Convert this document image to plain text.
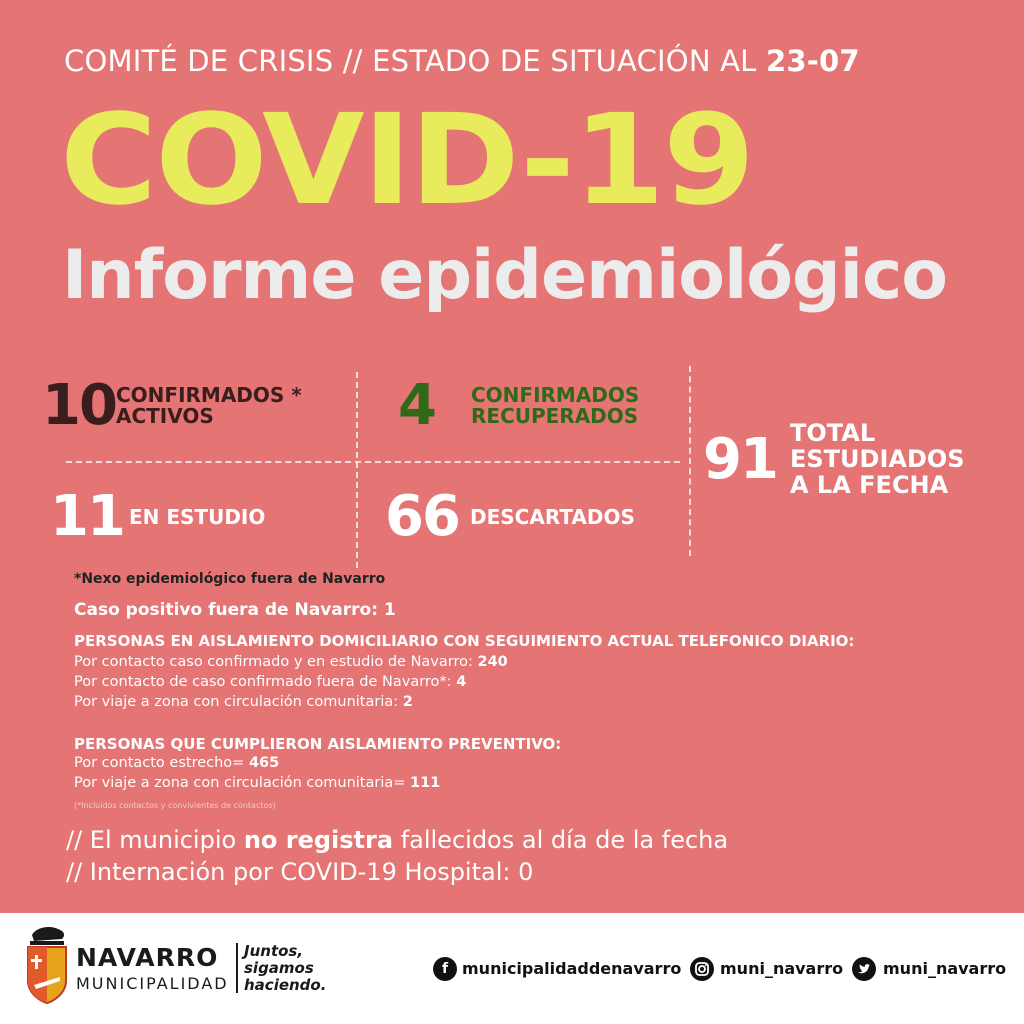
COMITÉ DE CRISIS // ESTADO DE SITUACIÓN AL 23-07
COVID-19
Informe epidemiológico
10 CONFIRMADOS *
ACTIVOS	4 CONFIRMADOS
RECUPERADOS
11 EN ESTUDIO 66 DESCARTADOS
91 TOTAL
ESTUDIADOS
A LA FECHA
*Nexo epidemiológico fuera de Navarro
Caso positivo fuera de Navarro: 1
PERSONAS EN AISLAMIENTO DOMICILIARIO CON SEGUIMIENTO ACTUAL TELEFONICO DIARIO:
Por contacto caso confirmado y en estudio de Navarro: 240
Por contacto de caso confirmado fuera de Navarro*: 4
Por viaje a zona con circulación comunitaria: 2
PERSONAS QUE CUMPLIERON AISLAMIENTO PREVENTIVO:
Por contacto estrecho= 465
Por viaje a zona con circulación comunitaria= 111
(*Incluidos contactos y convivientes de contactos)
// El municipio no registra fallecidos al día de la fecha
// Internación por COVID-19 Hospital: 0
NAVARRO
MUNICIPALIDAD
Juntos,
sigamos
haciendo.
f municipalidaddenavarro muni_navarro muni_navarro
